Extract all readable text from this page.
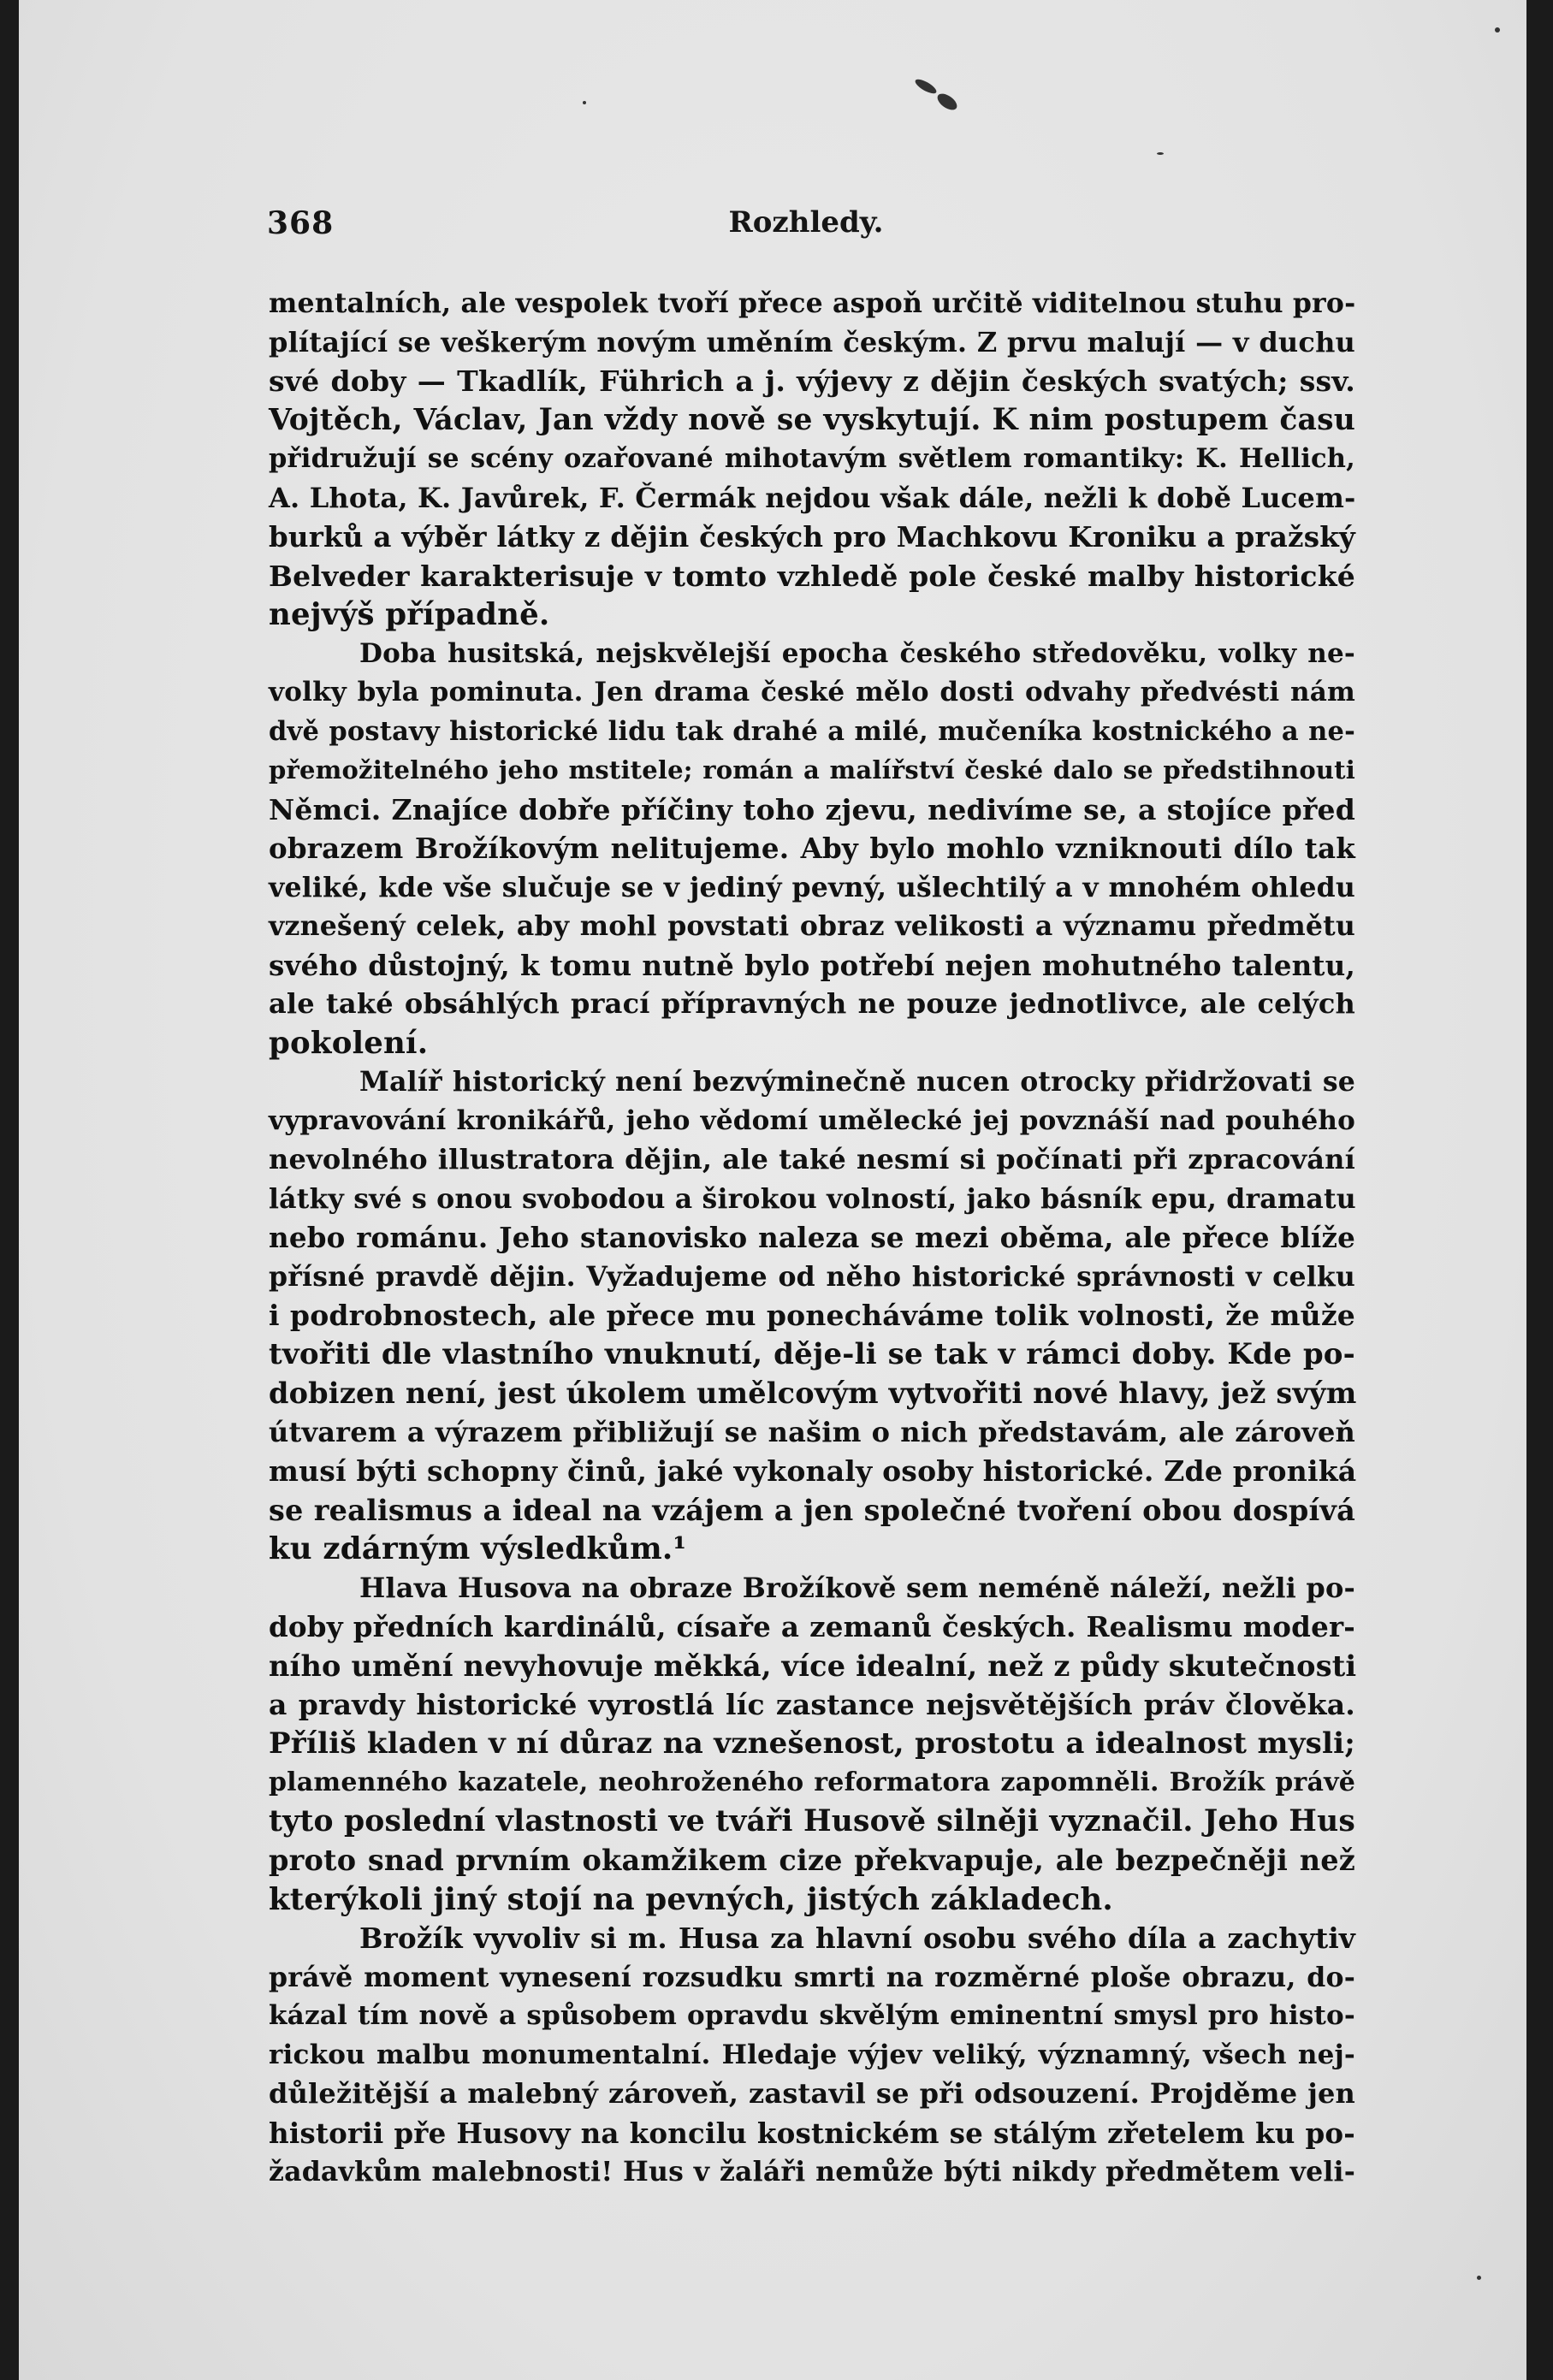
368	Rozhledy.
mentalních, ale vespolek tvoří přece aspoň určitě viditelnou stuhu pro-
plítající se veškerým novým uměním českým. Z prvu malují — v duchu
své doby — Tkadlík, Führich a j. výjevy z dějin českých svatých; ssv.
Vojtěch, Václav, Jan vždy nově se vyskytují. K nim postupem času
přidružují se scény ozařované mihotavým světlem romantiky: K. Hellich,
A. Lhota, K. Javůrek, F. Čermák nejdou však dále, nežli k době Lucem-
burků a výběr látky z dějin českých pro Machkovu Kroniku a pražský
Belveder karakterisuje v tomto vzhledě pole české malby historické
nejvýš případně.
Doba husitská, nejskvělejší epocha českého středověku, volky ne-
volky byla pominuta. Jen drama české mělo dosti odvahy předvésti nám
dvě postavy historické lidu tak drahé a milé, mučeníka kostnického a ne-
přemožitelného jeho mstitele; román a malířství české dalo se předstihnouti
Němci. Znajíce dobře příčiny toho zjevu, nedivíme se, a stojíce před
obrazem Brožíkovým nelitujeme. Aby bylo mohlo vzniknouti dílo tak
veliké, kde vše slučuje se v jediný pevný, ušlechtilý a v mnohém ohledu
vznešený celek, aby mohl povstati obraz velikosti a významu předmětu
svého důstojný, k tomu nutně bylo potřebí nejen mohutného talentu,
ale také obsáhlých prací přípravných ne pouze jednotlivce, ale celých
pokolení.
Malíř historický není bezvýminečně nucen otrocky přidržovati se
vypravování kronikářů, jeho vědomí umělecké jej povznáší nad pouhého
nevolného illustratora dějin, ale také nesmí si počínati při zpracování
látky své s onou svobodou a širokou volností, jako básník epu, dramatu
nebo románu. Jeho stanovisko naleza se mezi oběma, ale přece blíže
přísné pravdě dějin. Vyžadujeme od něho historické správnosti v celku
i podrobnostech, ale přece mu ponecháváme tolik volnosti, že může
tvořiti dle vlastního vnuknutí, děje-li se tak v rámci doby. Kde po-
dobizen není, jest úkolem umělcovým vytvořiti nové hlavy, jež svým
útvarem a výrazem přibližují se našim o nich představám, ale zároveň
musí býti schopny činů, jaké vykonaly osoby historické. Zde proniká
se realismus a ideal na vzájem a jen společné tvoření obou dospívá
ku zdárným výsledkům.¹
Hlava Husova na obraze Brožíkově sem neméně náleží, nežli po-
doby předních kardinálů, císaře a zemanů českých. Realismu moder-
ního umění nevyhovuje měkká, více idealní, než z půdy skutečnosti
a pravdy historické vyrostlá líc zastance nejsvětějších práv člověka.
Příliš kladen v ní důraz na vznešenost, prostotu a idealnost mysli;
plamenného kazatele, neohroženého reformatora zapomněli. Brožík právě
tyto poslední vlastnosti ve tváři Husově silněji vyznačil. Jeho Hus
proto snad prvním okamžikem cize překvapuje, ale bezpečněji než
kterýkoli jiný stojí na pevných, jistých základech.
Brožík vyvoliv si m. Husa za hlavní osobu svého díla a zachytiv
právě moment vynesení rozsudku smrti na rozměrné ploše obrazu, do-
kázal tím nově a spůsobem opravdu skvělým eminentní smysl pro histo-
rickou malbu monumentalní. Hledaje výjev veliký, významný, všech nej-
důležitější a malebný zároveň, zastavil se při odsouzení. Projděme jen
historii pře Husovy na koncilu kostnickém se stálým zřetelem ku po-
žadavkům malebnosti! Hus v žaláři nemůže býti nikdy předmětem veli-
